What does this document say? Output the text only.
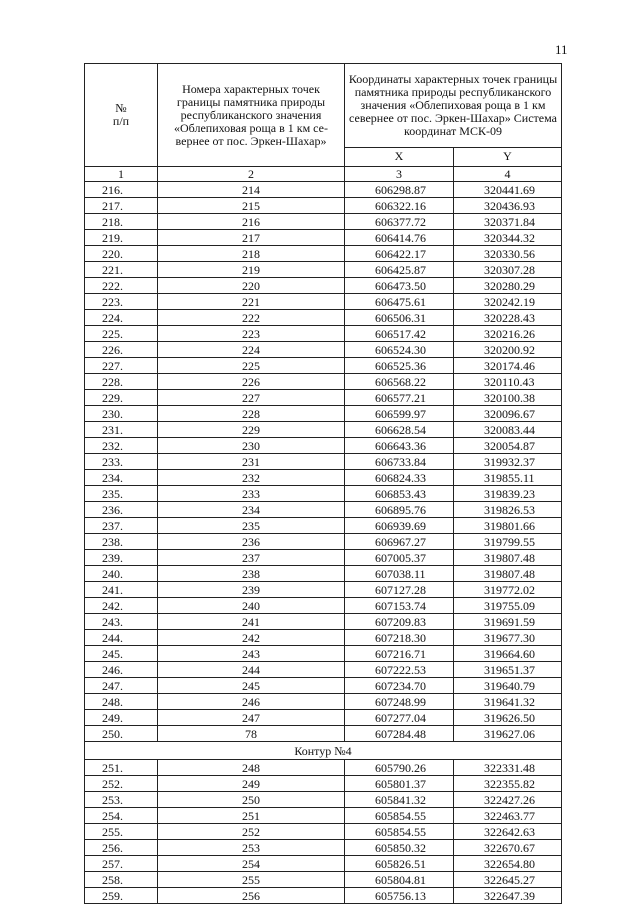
11
№
п/п	Номера характерных точек границы памятника природы республиканского значения «Облепиховая роща в 1 км се-вернее от пос. Эркен-Шахар»	Координаты характерных точек границы памятника природы республиканского значения «Облепиховая роща в 1 км севернее от пос. Эркен-Шахар» Система координат МСК-09	
		X	Y
1	2	3	4
216.	214	606298.87	320441.69
217.	215	606322.16	320436.93
218.	216	606377.72	320371.84
219.	217	606414.76	320344.32
220.	218	606422.17	320330.56
221.	219	606425.87	320307.28
222.	220	606473.50	320280.29
223.	221	606475.61	320242.19
224.	222	606506.31	320228.43
225.	223	606517.42	320216.26
226.	224	606524.30	320200.92
227.	225	606525.36	320174.46
228.	226	606568.22	320110.43
229.	227	606577.21	320100.38
230.	228	606599.97	320096.67
231.	229	606628.54	320083.44
232.	230	606643.36	320054.87
233.	231	606733.84	319932.37
234.	232	606824.33	319855.11
235.	233	606853.43	319839.23
236.	234	606895.76	319826.53
237.	235	606939.69	319801.66
238.	236	606967.27	319799.55
239.	237	607005.37	319807.48
240.	238	607038.11	319807.48
241.	239	607127.28	319772.02
242.	240	607153.74	319755.09
243.	241	607209.83	319691.59
244.	242	607218.30	319677.30
245.	243	607216.71	319664.60
246.	244	607222.53	319651.37
247.	245	607234.70	319640.79
248.	246	607248.99	319641.32
249.	247	607277.04	319626.50
250.	78	607284.48	319627.06
Контур №4			
251.	248	605790.26	322331.48
252.	249	605801.37	322355.82
253.	250	605841.32	322427.26
254.	251	605854.55	322463.77
255.	252	605854.55	322642.63
256.	253	605850.32	322670.67
257.	254	605826.51	322654.80
258.	255	605804.81	322645.27
259.	256	605756.13	322647.39
